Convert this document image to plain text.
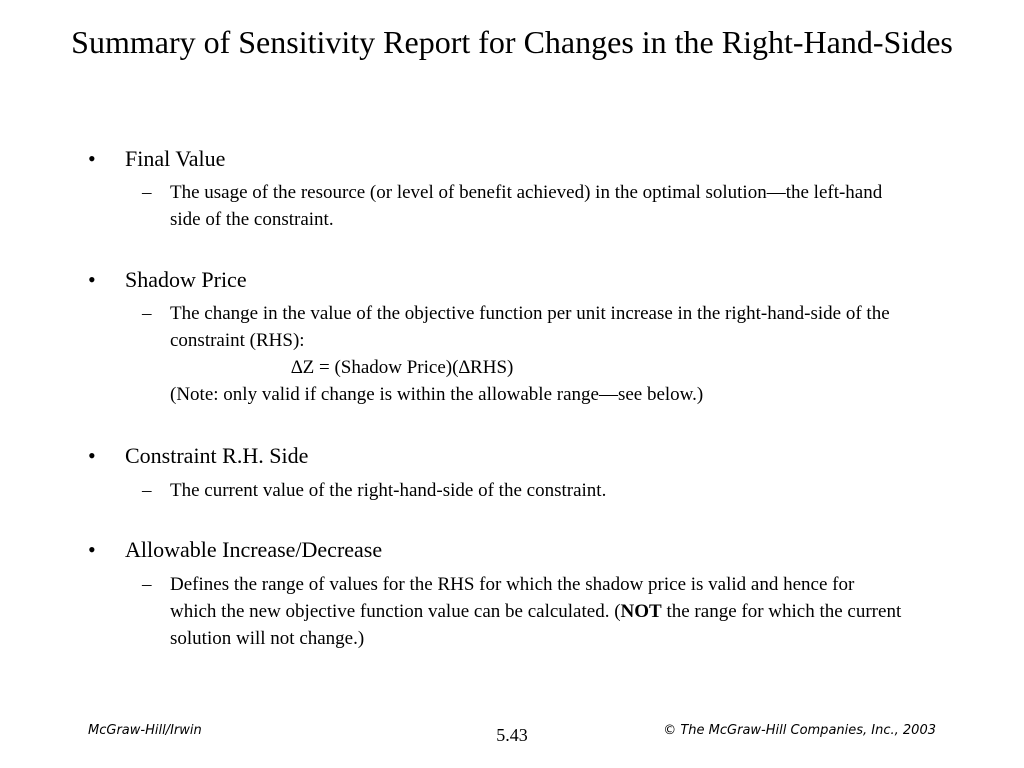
Summary of Sensitivity Report for Changes in the Right-Hand-Sides
• Final Value
– The usage of the resource (or level of benefit achieved) in the optimal solution—the left-hand side of the constraint.
• Shadow Price
– The change in the value of the objective function per unit increase in the right-hand-side of the constraint (RHS):
∆Z = (Shadow Price)(∆RHS)
(Note: only valid if change is within the allowable range—see below.)
• Constraint R.H. Side
– The current value of the right-hand-side of the constraint.
• Allowable Increase/Decrease
– Defines the range of values for the RHS for which the shadow price is valid and hence for which the new objective function value can be calculated. (NOT the range for which the current solution will not change.)
McGraw-Hill/Irwin	5.43	© The McGraw-Hill Companies, Inc., 2003
